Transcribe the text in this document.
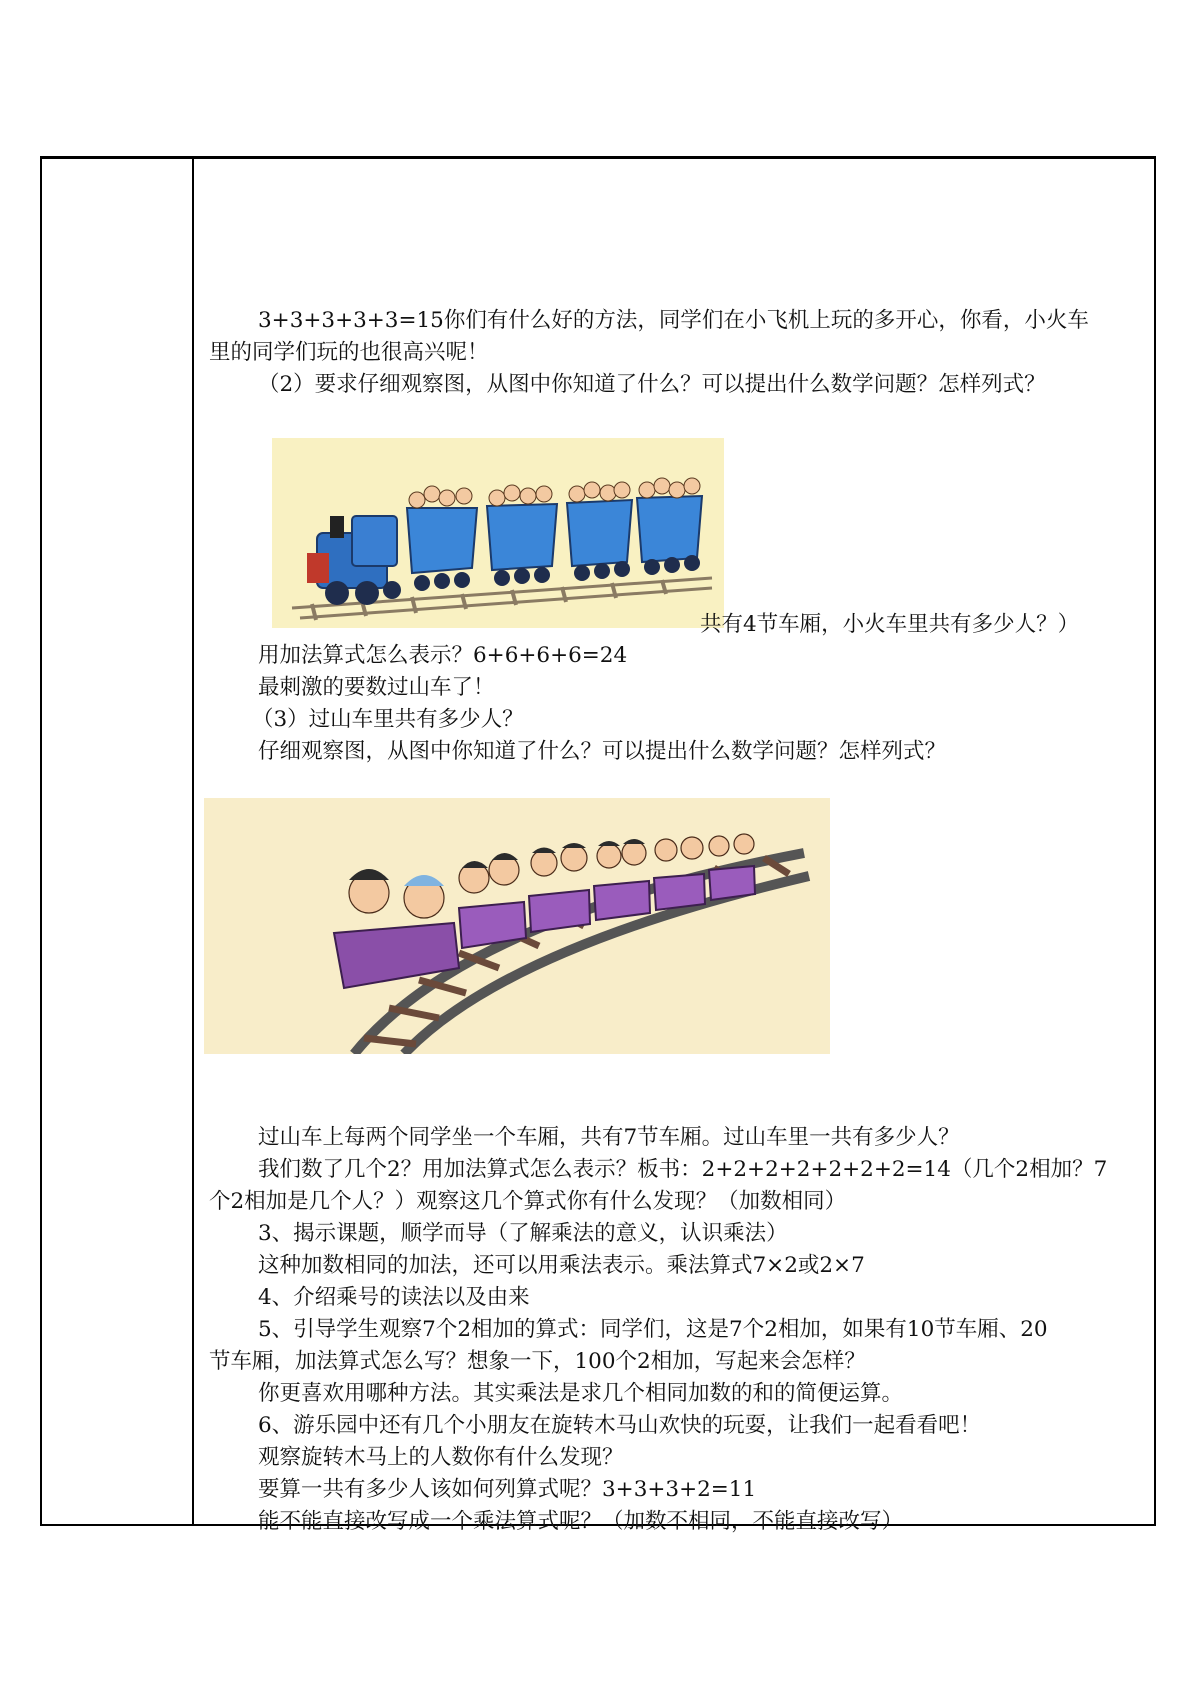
3+3+3+3+3=15你们有什么好的方法，同学们在小飞机上玩的多开心，你看，小火车
里的同学们玩的也很高兴呢！
（2）要求仔细观察图，从图中你知道了什么？可以提出什么数学问题？怎样列式？
共有4节车厢，小火车里共有多少人？）
用加法算式怎么表示？6+6+6+6=24
最刺激的要数过山车了！
（3）过山车里共有多少人？
仔细观察图，从图中你知道了什么？可以提出什么数学问题？怎样列式？
过山车上每两个同学坐一个车厢，共有7节车厢。过山车里一共有多少人？
我们数了几个2？用加法算式怎么表示？板书：2+2+2+2+2+2+2=14（几个2相加？7
个2相加是几个人？）观察这几个算式你有什么发现？（加数相同）
3、揭示课题，顺学而导（了解乘法的意义，认识乘法）
这种加数相同的加法，还可以用乘法表示。乘法算式7×2或2×7
4、介绍乘号的读法以及由来
5、引导学生观察7个2相加的算式：同学们，这是7个2相加，如果有10节车厢、20
节车厢，加法算式怎么写？想象一下，100个2相加，写起来会怎样？
你更喜欢用哪种方法。其实乘法是求几个相同加数的和的简便运算。
6、游乐园中还有几个小朋友在旋转木马山欢快的玩耍，让我们一起看看吧！
观察旋转木马上的人数你有什么发现？
要算一共有多少人该如何列算式呢？3+3+3+2=11
能不能直接改写成一个乘法算式呢？（加数不相同，不能直接改写）
